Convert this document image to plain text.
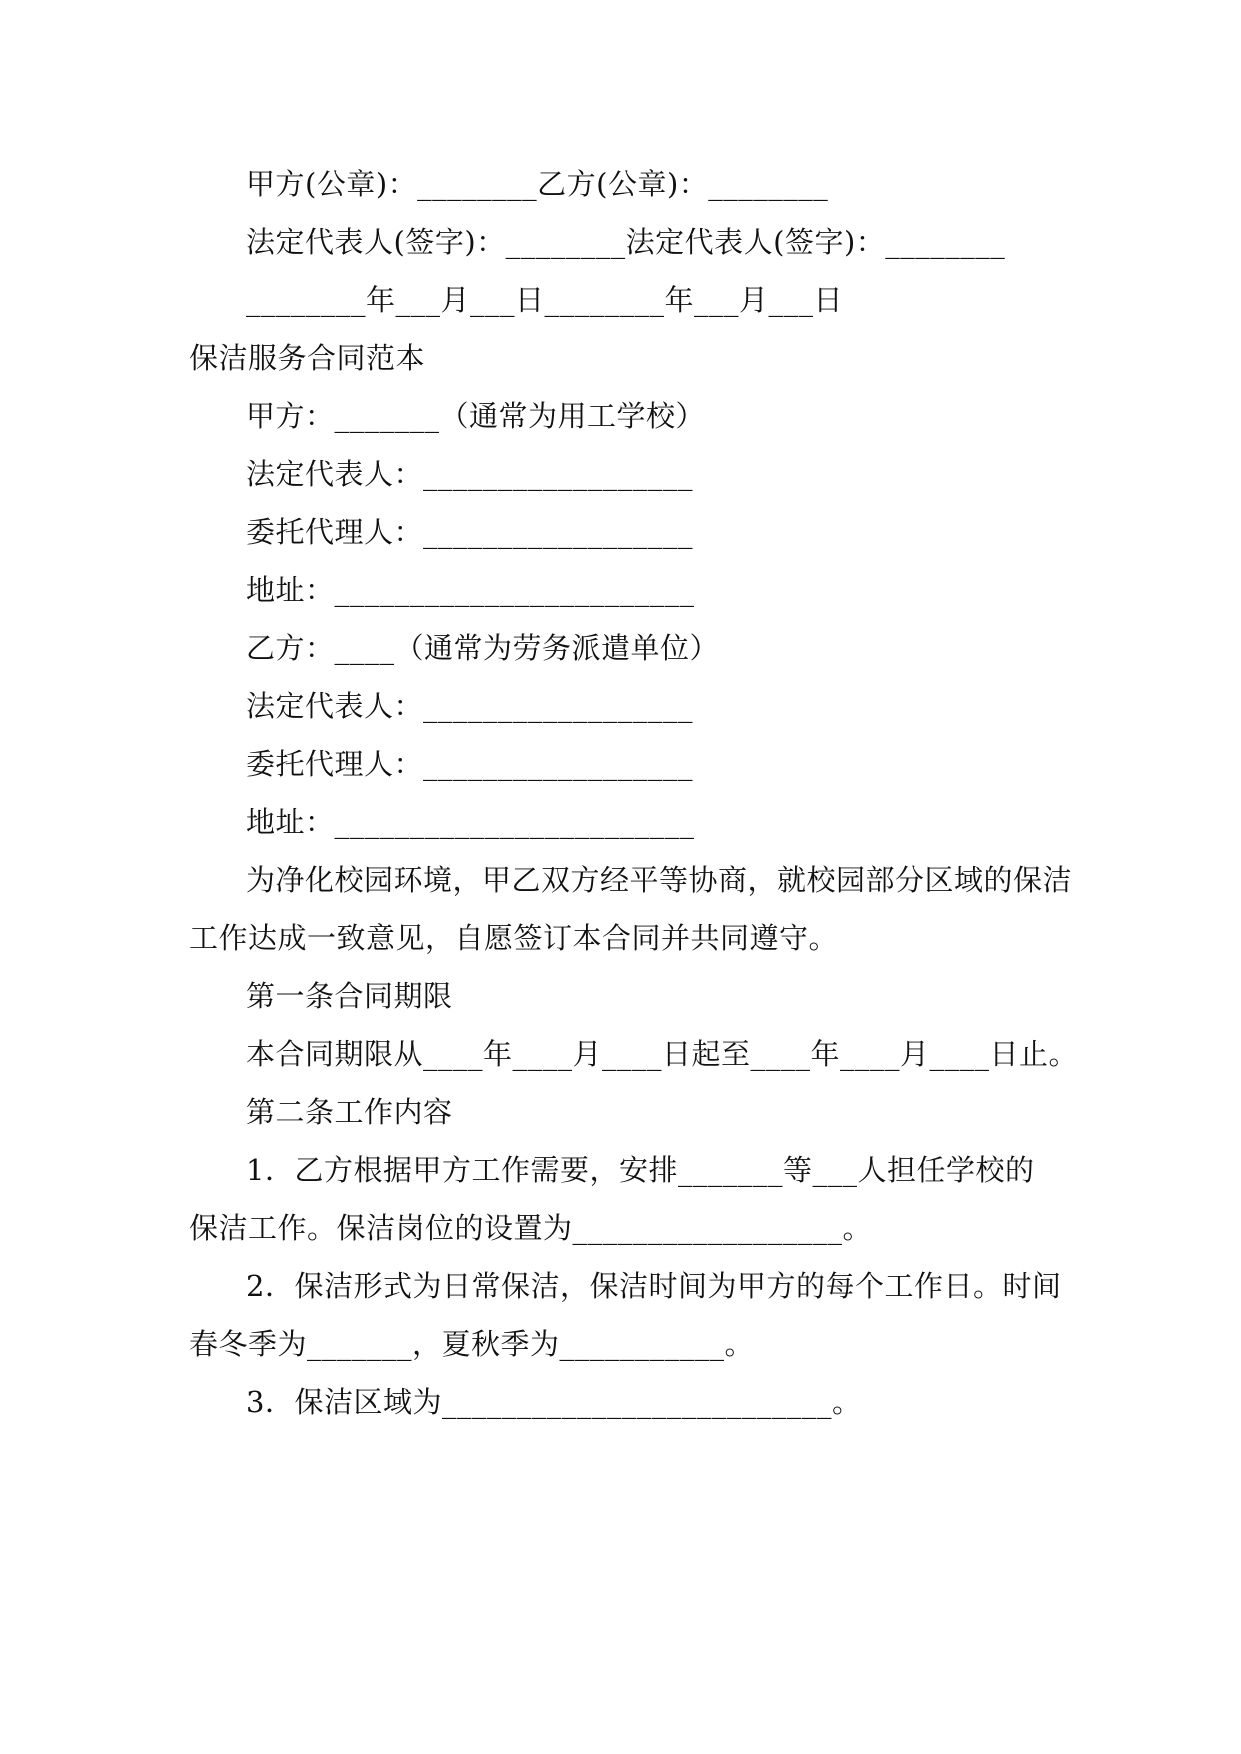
甲方(公章)：________乙方(公章)：________
法定代表人(签字)：________法定代表人(签字)：________
________年___月___日________年___月___日
保洁服务合同范本
甲方：_______（通常为用工学校）
法定代表人：__________________
委托代理人：__________________
地址：________________________
乙方：____（通常为劳务派遣单位）
法定代表人：__________________
委托代理人：__________________
地址：________________________
为净化校园环境，甲乙双方经平等协商，就校园部分区域的保洁
工作达成一致意见，自愿签订本合同并共同遵守。
第一条合同期限
本合同期限从____年____月____日起至____年____月____日止。
第二条工作内容
1．乙方根据甲方工作需要，安排_______等___人担任学校的
保洁工作。保洁岗位的设置为__________________。
2．保洁形式为日常保洁，保洁时间为甲方的每个工作日。时间
春冬季为_______，夏秋季为___________。
3．保洁区域为__________________________。
